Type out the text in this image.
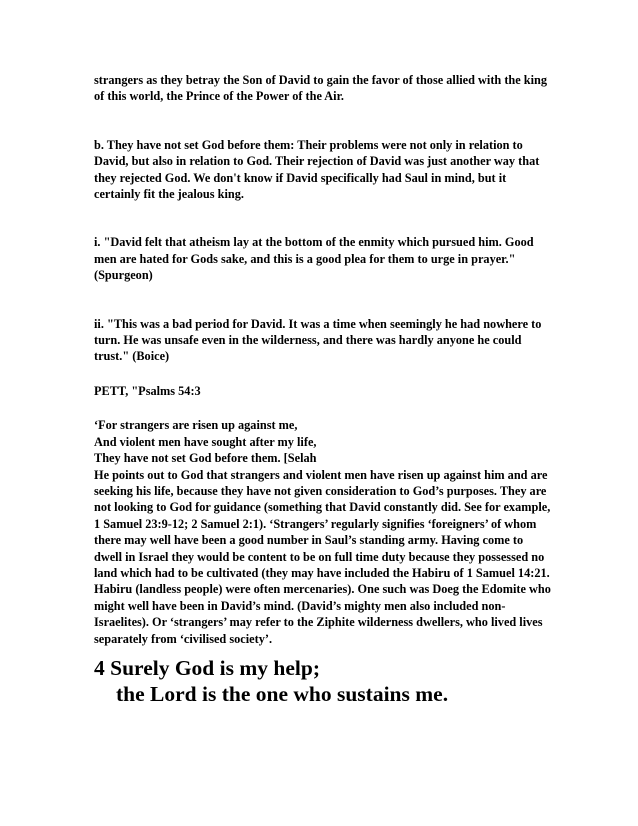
strangers as they betray the Son of David to gain the favor of those allied with the king of this world, the Prince of the Power of the Air.

b. They have not set God before them: Their problems were not only in relation to David, but also in relation to God. Their rejection of David was just another way that they rejected God. We don't know if David specifically had Saul in mind, but it certainly fit the jealous king.

i. "David felt that atheism lay at the bottom of the enmity which pursued him. Good men are hated for Gods sake, and this is a good plea for them to urge in prayer." (Spurgeon)

ii. "This was a bad period for David. It was a time when seemingly he had nowhere to turn. He was unsafe even in the wilderness, and there was hardly anyone he could trust." (Boice)

PETT, "Psalms 54:3

‘For strangers are risen up against me,

And violent men have sought after my life,

They have not set God before them. [Selah

He points out to God that strangers and violent men have risen up against him and are seeking his life, because they have not given consideration to God’s purposes. They are not looking to God for guidance (something that David constantly did. See for example, 1 Samuel 23:9-12; 2 Samuel 2:1). ‘Strangers’ regularly signifies ‘foreigners’ of whom there may well have been a good number in Saul’s standing army. Having come to dwell in Israel they would be content to be on full time duty because they possessed no land which had to be cultivated (they may have included the Habiru of 1 Samuel 14:21. Habiru (landless people) were often mercenaries). One such was Doeg the Edomite who might well have been in David’s mind. (David’s mighty men also included non-Israelites). Or ‘strangers’ may refer to the Ziphite wilderness dwellers, who lived lives separately from ‘civilised society’.

4 Surely God is my help;
the Lord is the one who sustains me.
